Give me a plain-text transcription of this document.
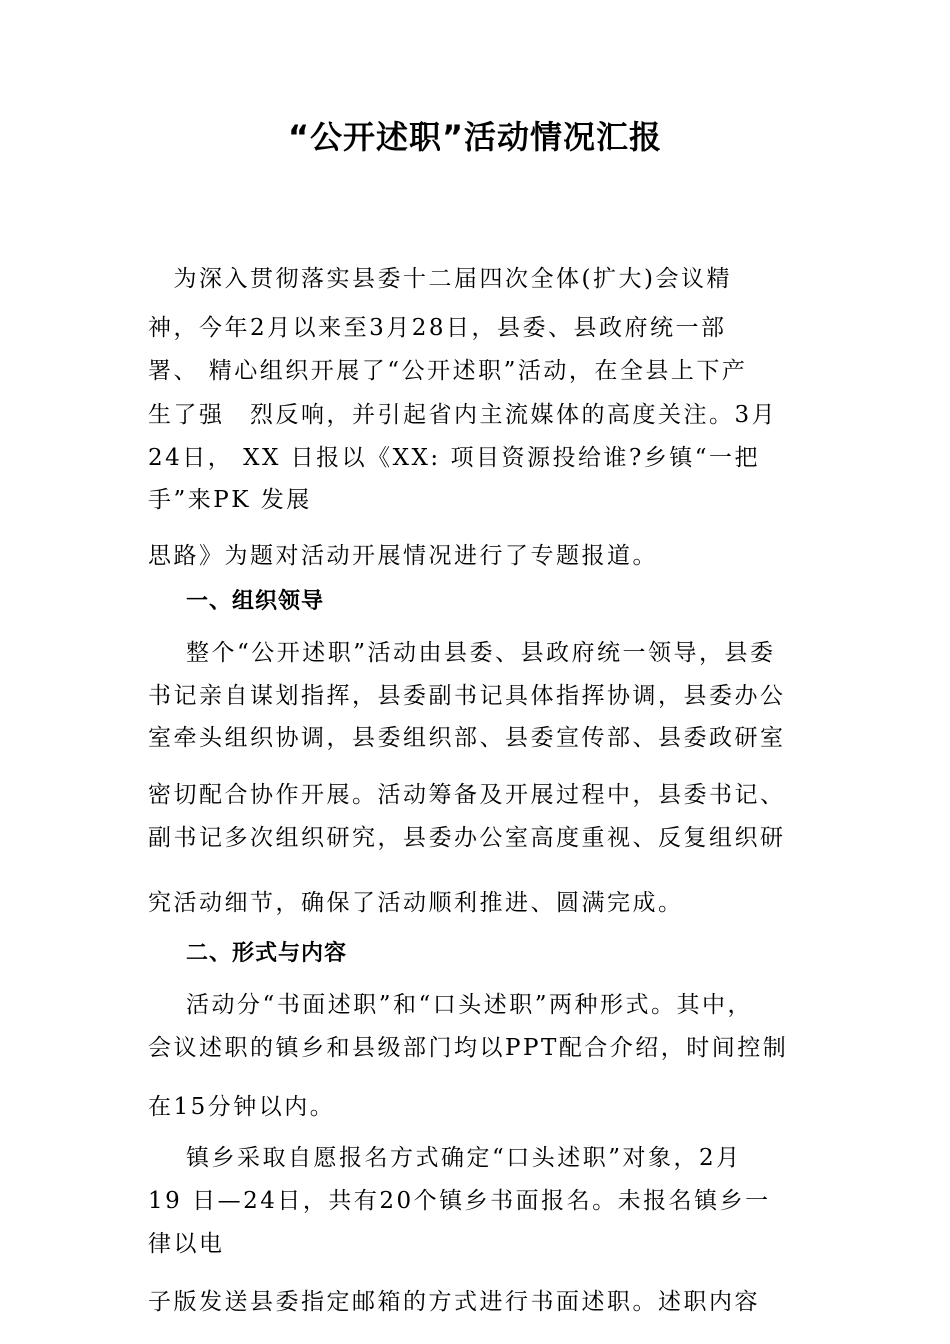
“公开述职”活动情况汇报
　为深入贯彻落实县委十二届四次全体(扩大)会议精
神，今年2月以来至3月28日，县委、县政府统一部
署、 精心组织开展了“公开述职”活动，在全县上下产
生了强　烈反响，并引起省内主流媒体的高度关注。3月
24日， XX 日报以《XX: 项目资源投给谁?乡镇“一把
手”来PK 发展
思路》为题对活动开展情况进行了专题报道。
一、组织领导
整个“公开述职”活动由县委、县政府统一领导，县委
书记亲自谋划指挥，县委副书记具体指挥协调，县委办公
室牵头组织协调，县委组织部、县委宣传部、县委政研室
密切配合协作开展。活动筹备及开展过程中，县委书记、
副书记多次组织研究，县委办公室高度重视、反复组织研
究活动细节，确保了活动顺利推进、圆满完成。
二、形式与内容
活动分“书面述职”和“口头述职”两种形式。其中，
会议述职的镇乡和县级部门均以PPT配合介绍，时间控制
在15分钟以内。
镇乡采取自愿报名方式确定“口头述职”对象，2月
19 日—24日，共有20个镇乡书面报名。未报名镇乡一
律以电
子版发送县委指定邮箱的方式进行书面述职。述职内容
